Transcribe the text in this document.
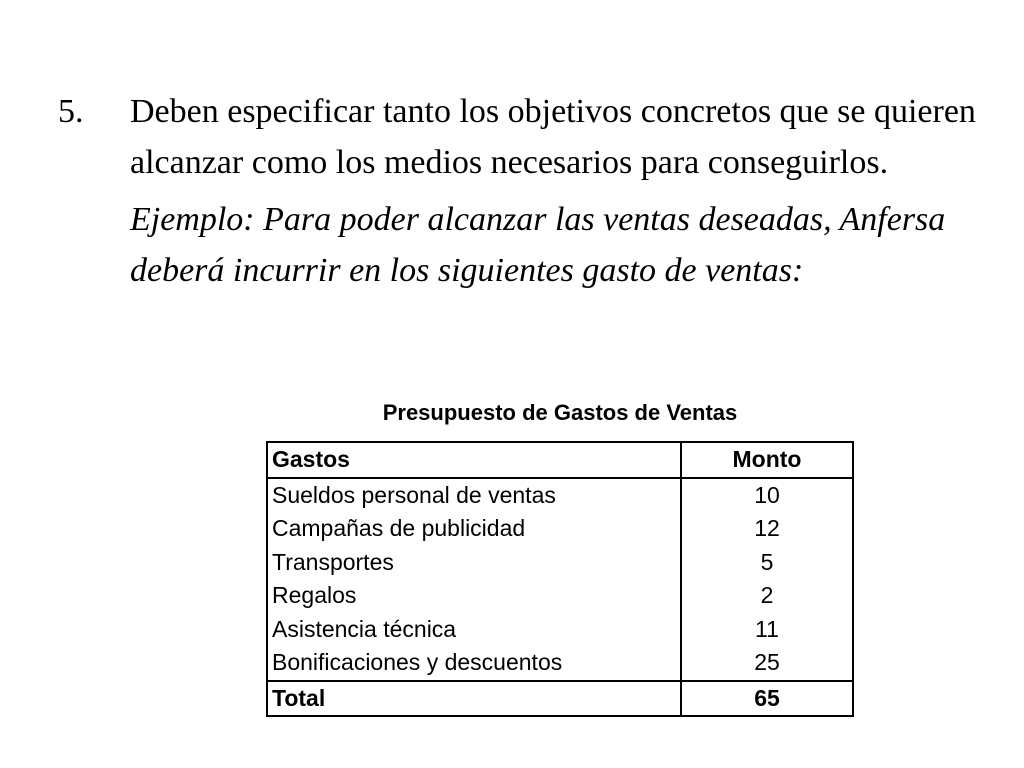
5.	Deben especificar tanto los objetivos concretos que se quieren alcanzar como los medios necesarios para conseguirlos.
Ejemplo: Para poder alcanzar las ventas deseadas, Anfersa deberá incurrir en los siguientes gasto de ventas:
Presupuesto de Gastos de Ventas
Gastos	Monto
Sueldos personal de ventas	10
Campañas de publicidad	12
Transportes	5
Regalos	2
Asistencia técnica	11
Bonificaciones y descuentos	25
Total	65
